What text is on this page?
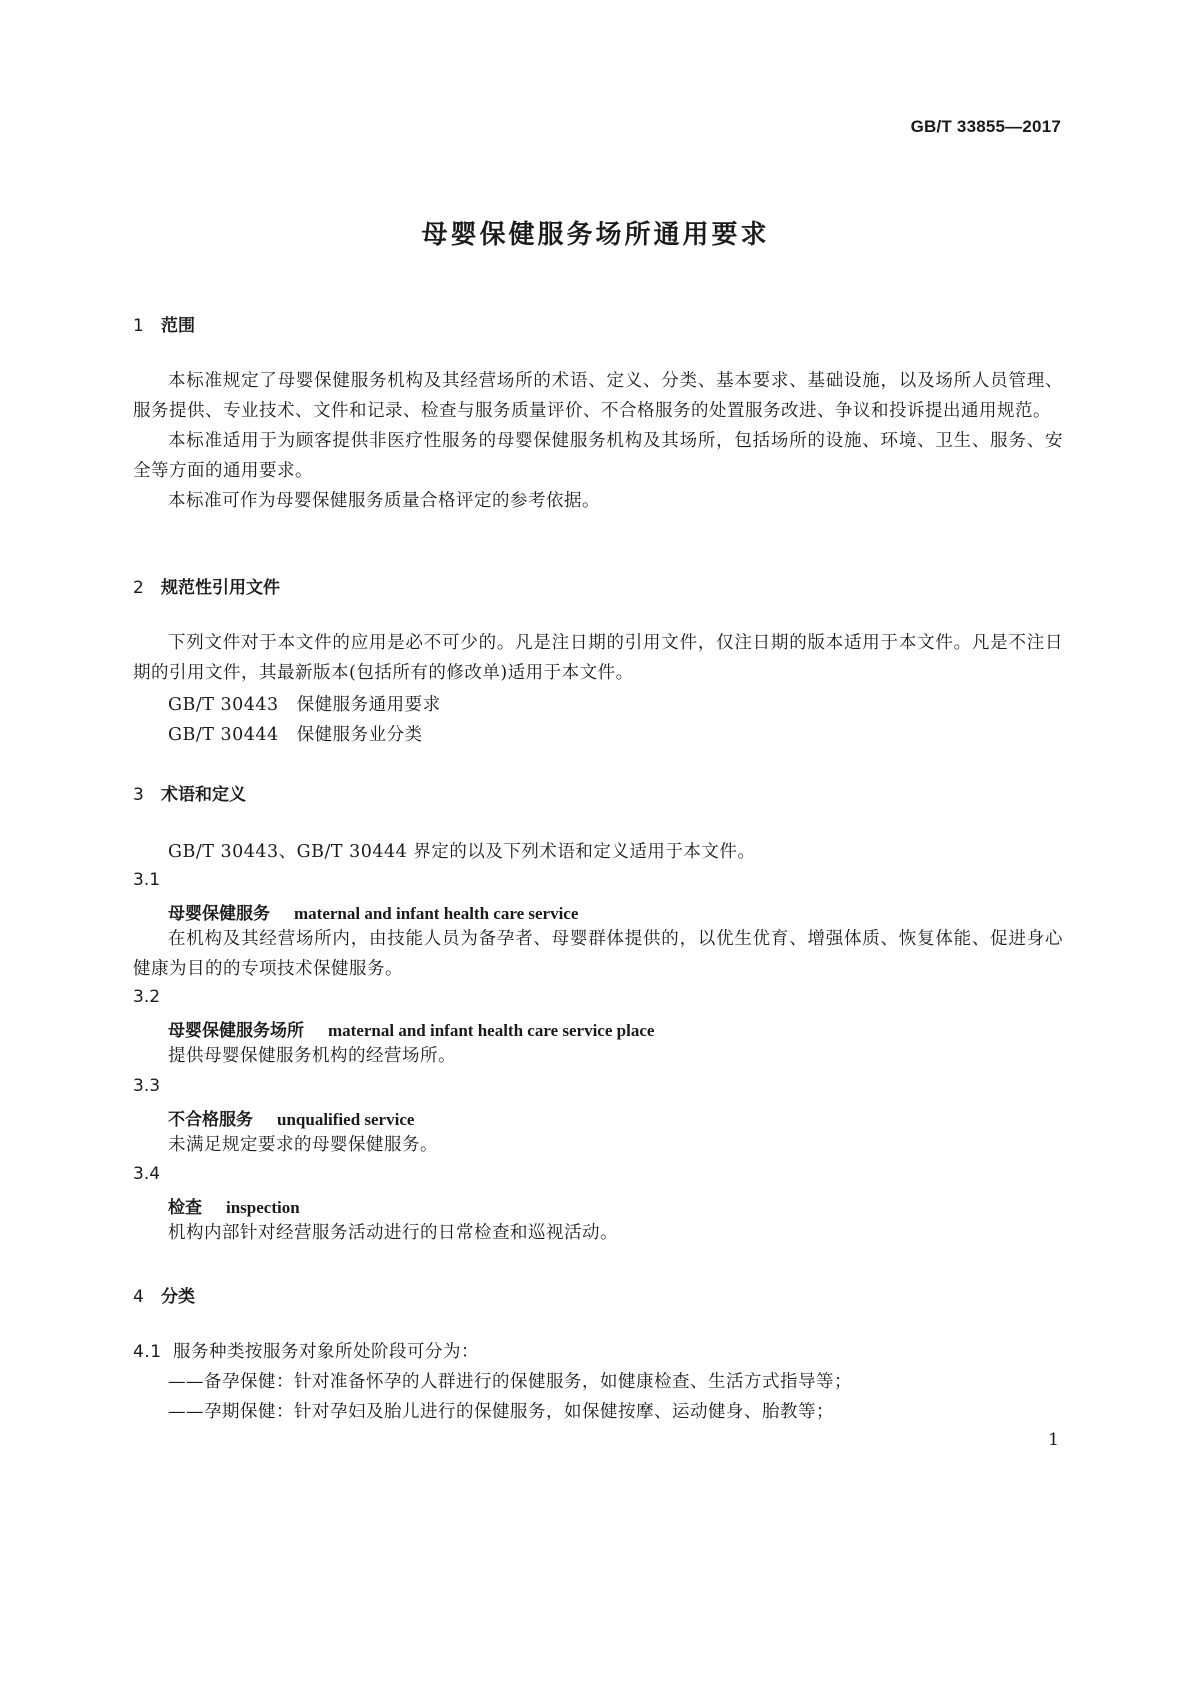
GB/T 33855—2017
母婴保健服务场所通用要求
1 范围

本标准规定了母婴保健服务机构及其经营场所的术语、定义、分类、基本要求、基础设施，以及场所人员管理、服务提供、专业技术、文件和记录、检查与服务质量评价、不合格服务的处置服务改进、争议和投诉提出通用规范。

本标准适用于为顾客提供非医疗性服务的母婴保健服务机构及其场所，包括场所的设施、环境、卫生、服务、安全等方面的通用要求。

本标准可作为母婴保健服务质量合格评定的参考依据。

2 规范性引用文件

下列文件对于本文件的应用是必不可少的。凡是注日期的引用文件，仅注日期的版本适用于本文件。凡是不注日期的引用文件，其最新版本(包括所有的修改单)适用于本文件。

GB/T 30443　保健服务通用要求
GB/T 30444　保健服务业分类
3 术语和定义
GB/T 30443、GB/T 30444 界定的以及下列术语和定义适用于本文件。
3.1
母婴保健服务 maternal and infant health care service

在机构及其经营场所内，由技能人员为备孕者、母婴群体提供的，以优生优育、增强体质、恢复体能、促进身心健康为目的的专项技术保健服务。

3.2
母婴保健服务场所 maternal and infant health care service place

提供母婴保健服务机构的经营场所。

3.3
不合格服务 unqualified service

未满足规定要求的母婴保健服务。

3.4
检查 inspection

机构内部针对经营服务活动进行的日常检查和巡视活动。

4 分类
4.1 服务种类按服务对象所处阶段可分为：
——备孕保健：针对准备怀孕的人群进行的保健服务，如健康检查、生活方式指导等；
——孕期保健：针对孕妇及胎儿进行的保健服务，如保健按摩、运动健身、胎教等；
1
